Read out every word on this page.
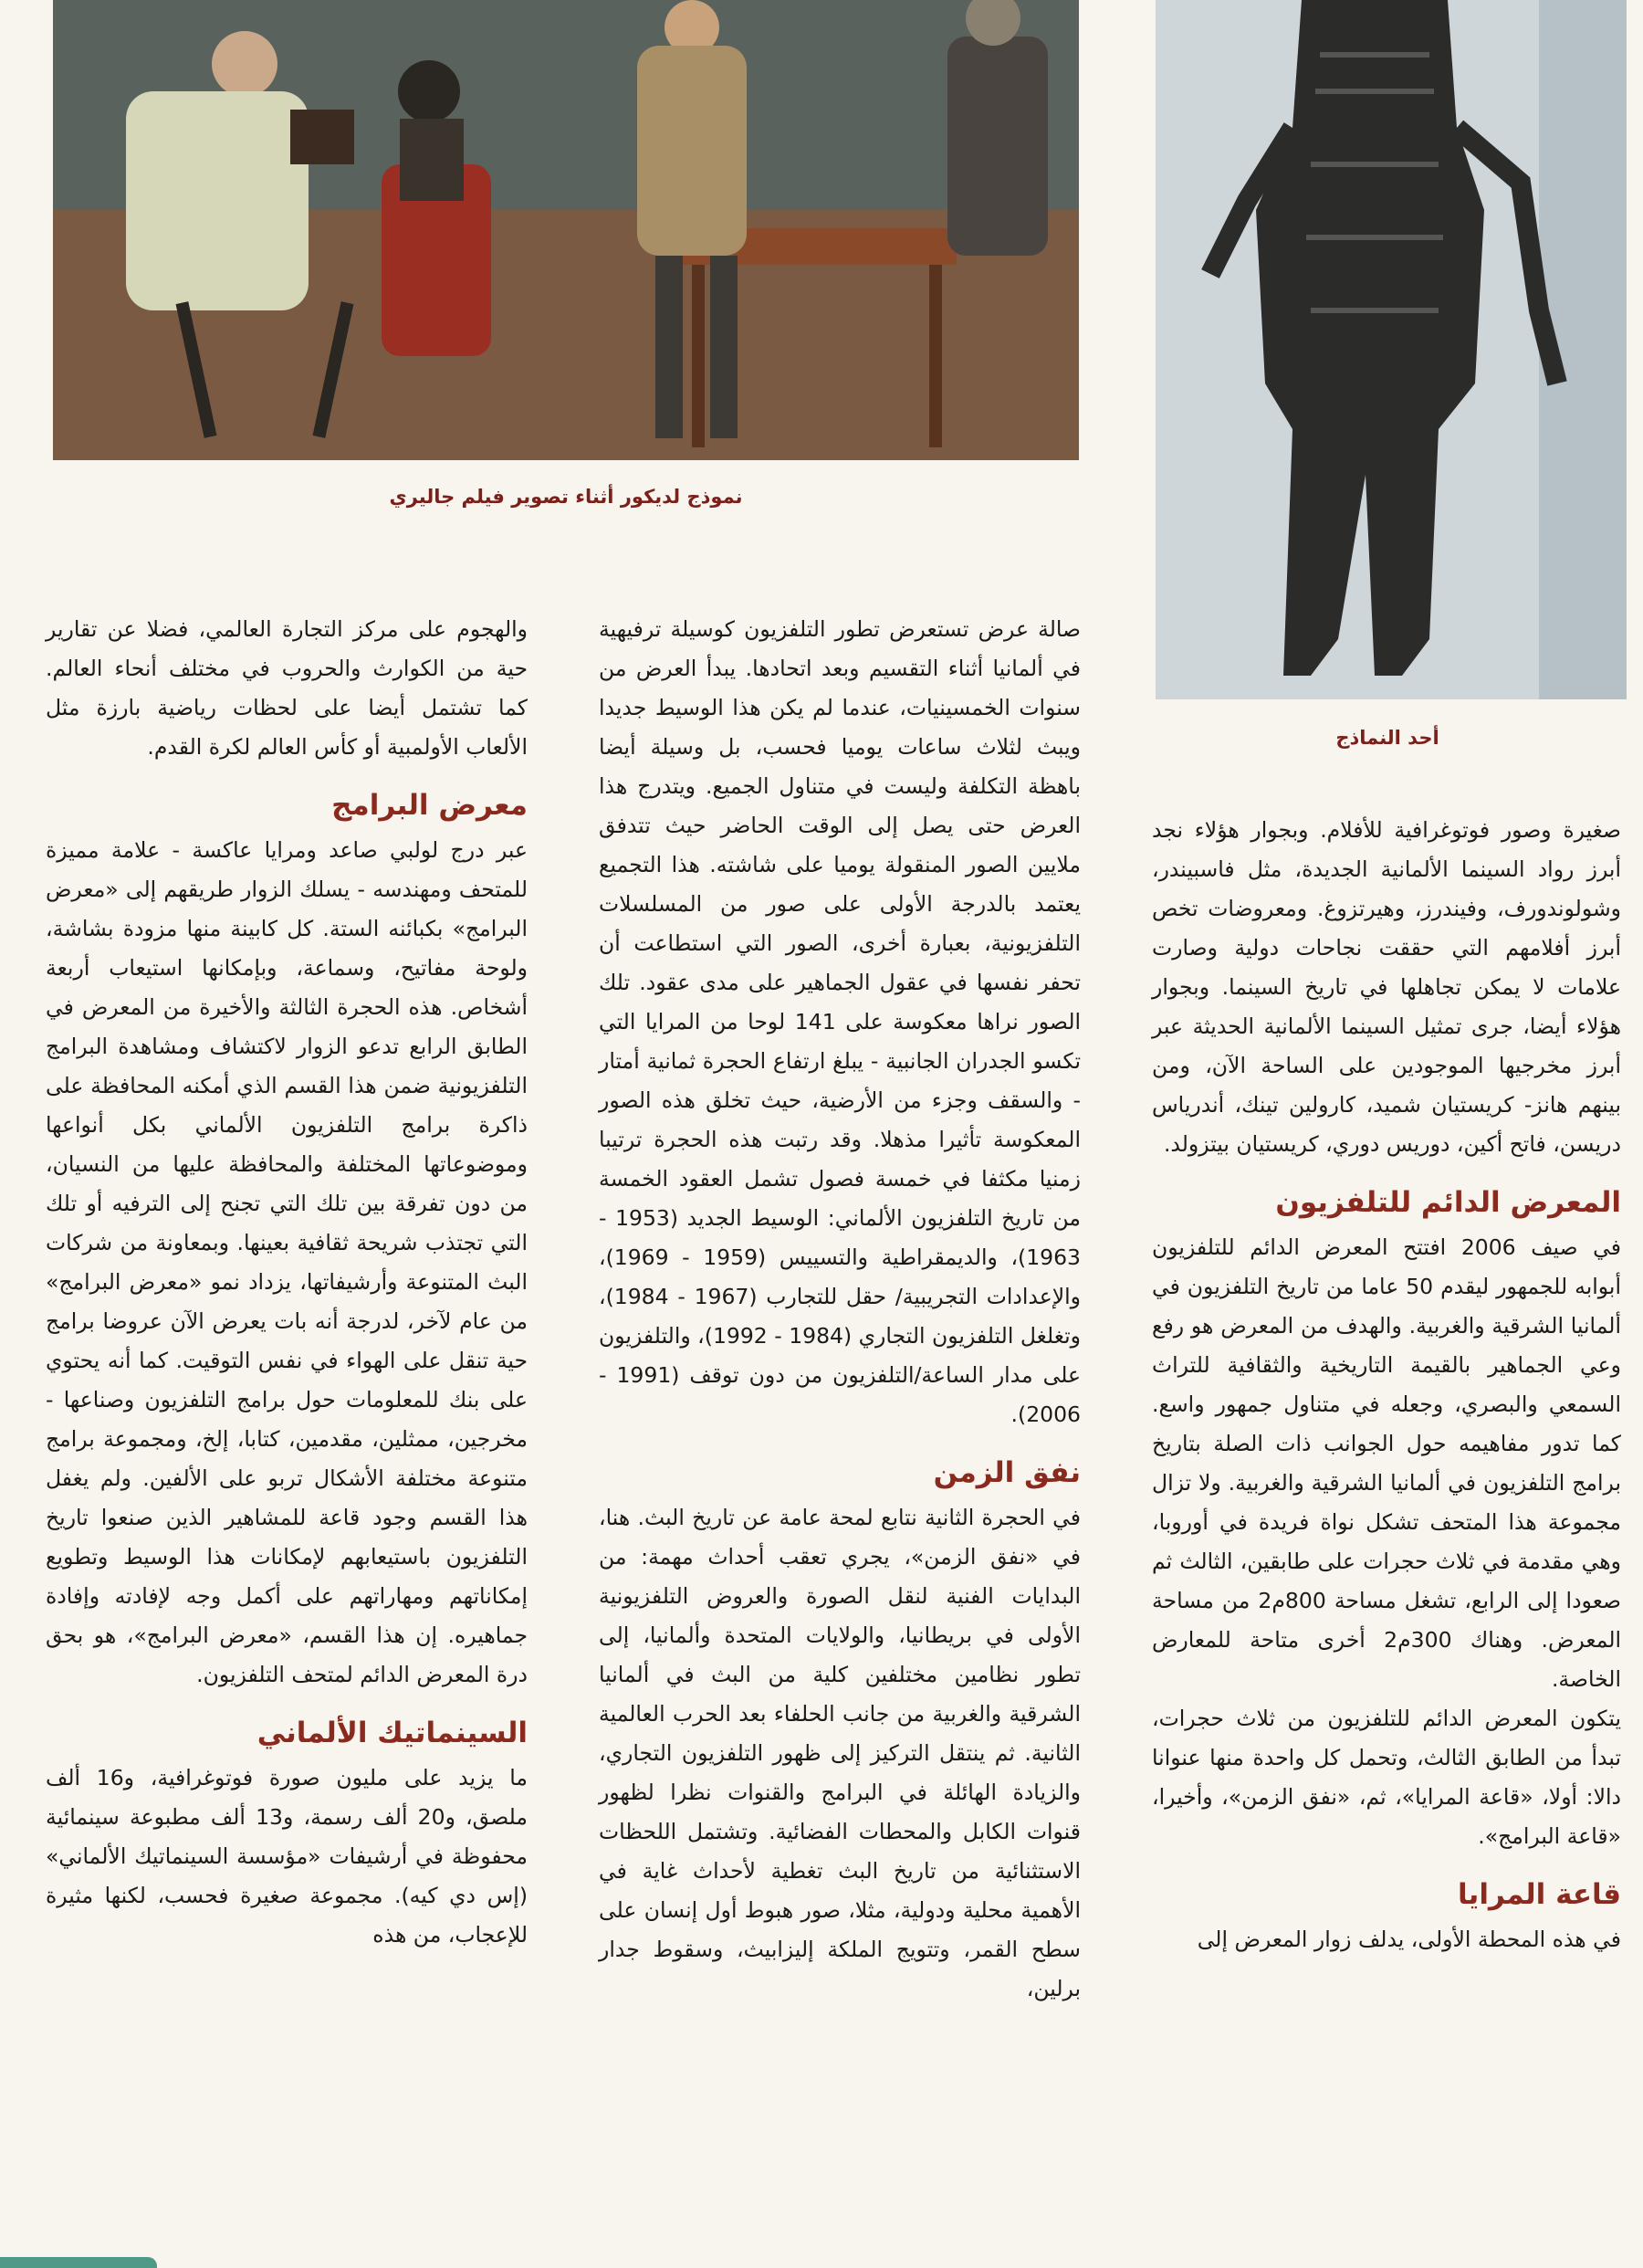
نموذج لديكور أثناء تصوير فيلم جاليري
أحد النماذج

صغيرة وصور فوتوغرافية للأفلام. وبجوار هؤلاء نجد أبرز رواد السينما الألمانية الجديدة، مثل فاسبيندر، وشولوندورف، وفيندرز، وهيرتزوغ. ومعروضات تخص أبرز أفلامهم التي حققت نجاحات دولية وصارت علامات لا يمكن تجاهلها في تاريخ السينما. وبجوار هؤلاء أيضا، جرى تمثيل السينما الألمانية الحديثة عبر أبرز مخرجيها الموجودين على الساحة الآن، ومن بينهم هانز- كريستيان شميد، كارولين تينك، أندرياس دريسن، فاتح أكين، دوريس دوري، كريستيان بيتزولد.

المعرض الدائم للتلفزيون

في صيف 2006 افتتح المعرض الدائم للتلفزيون أبوابه للجمهور ليقدم 50 عاما من تاريخ التلفزيون في ألمانيا الشرقية والغربية. والهدف من المعرض هو رفع وعي الجماهير بالقيمة التاريخية والثقافية للتراث السمعي والبصري، وجعله في متناول جمهور واسع. كما تدور مفاهيمه حول الجوانب ذات الصلة بتاريخ برامج التلفزيون في ألمانيا الشرقية والغربية. ولا تزال مجموعة هذا المتحف تشكل نواة فريدة في أوروبا، وهي مقدمة في ثلاث حجرات على طابقين، الثالث ثم صعودا إلى الرابع، تشغل مساحة 800م2 من مساحة المعرض. وهناك 300م2 أخرى متاحة للمعارض الخاصة.

يتكون المعرض الدائم للتلفزيون من ثلاث حجرات، تبدأ من الطابق الثالث، وتحمل كل واحدة منها عنوانا دالا: أولا، «قاعة المرايا»، ثم، «نفق الزمن»، وأخيرا، «قاعة البرامج».

قاعة المرايا

في هذه المحطة الأولى، يدلف زوار المعرض إلى

صالة عرض تستعرض تطور التلفزيون كوسيلة ترفيهية في ألمانيا أثناء التقسيم وبعد اتحادها. يبدأ العرض من سنوات الخمسينيات، عندما لم يكن هذا الوسيط جديدا ويبث لثلاث ساعات يوميا فحسب، بل وسيلة أيضا باهظة التكلفة وليست في متناول الجميع. ويتدرج هذا العرض حتى يصل إلى الوقت الحاضر حيث تتدفق ملايين الصور المنقولة يوميا على شاشته. هذا التجميع يعتمد بالدرجة الأولى على صور من المسلسلات التلفزيونية، بعبارة أخرى، الصور التي استطاعت أن تحفر نفسها في عقول الجماهير على مدى عقود. تلك الصور نراها معكوسة على 141 لوحا من المرايا التي تكسو الجدران الجانبية - يبلغ ارتفاع الحجرة ثمانية أمتار - والسقف وجزء من الأرضية، حيث تخلق هذه الصور المعكوسة تأثيرا مذهلا. وقد رتبت هذه الحجرة ترتيبا زمنيا مكثفا في خمسة فصول تشمل العقود الخمسة من تاريخ التلفزيون الألماني: الوسيط الجديد (1953 - 1963)، والديمقراطية والتسييس (1959 - 1969)، والإعدادات التجريبية/ حقل للتجارب (1967 - 1984)، وتغلغل التلفزيون التجاري (1984 - 1992)، والتلفزيون على مدار الساعة/التلفزيون من دون توقف (1991 - 2006).

نفق الزمن

في الحجرة الثانية نتابع لمحة عامة عن تاريخ البث. هنا، في «نفق الزمن»، يجري تعقب أحداث مهمة: من البدايات الفنية لنقل الصورة والعروض التلفزيونية الأولى في بريطانيا، والولايات المتحدة وألمانيا، إلى تطور نظامين مختلفين كلية من البث في ألمانيا الشرقية والغربية من جانب الحلفاء بعد الحرب العالمية الثانية. ثم ينتقل التركيز إلى ظهور التلفزيون التجاري، والزيادة الهائلة في البرامج والقنوات نظرا لظهور قنوات الكابل والمحطات الفضائية. وتشتمل اللحظات الاستثنائية من تاريخ البث تغطية لأحداث غاية في الأهمية محلية ودولية، مثلا، صور هبوط أول إنسان على سطح القمر، وتتويج الملكة إليزابيث، وسقوط جدار برلين،

والهجوم على مركز التجارة العالمي، فضلا عن تقارير حية من الكوارث والحروب في مختلف أنحاء العالم. كما تشتمل أيضا على لحظات رياضية بارزة مثل الألعاب الأولمبية أو كأس العالم لكرة القدم.

معرض البرامج

عبر درج لولبي صاعد ومرايا عاكسة - علامة مميزة للمتحف ومهندسه - يسلك الزوار طريقهم إلى «معرض البرامج» بكبائنه الستة. كل كابينة منها مزودة بشاشة، ولوحة مفاتيح، وسماعة، وبإمكانها استيعاب أربعة أشخاص. هذه الحجرة الثالثة والأخيرة من المعرض في الطابق الرابع تدعو الزوار لاكتشاف ومشاهدة البرامج التلفزيونية ضمن هذا القسم الذي أمكنه المحافظة على ذاكرة برامج التلفزيون الألماني بكل أنواعها وموضوعاتها المختلفة والمحافظة عليها من النسيان، من دون تفرقة بين تلك التي تجنح إلى الترفيه أو تلك التي تجتذب شريحة ثقافية بعينها. وبمعاونة من شركات البث المتنوعة وأرشيفاتها، يزداد نمو «معرض البرامج» من عام لآخر، لدرجة أنه بات يعرض الآن عروضا برامج حية تنقل على الهواء في نفس التوقيت. كما أنه يحتوي على بنك للمعلومات حول برامج التلفزيون وصناعها - مخرجين، ممثلين، مقدمين، كتابا، إلخ، ومجموعة برامج متنوعة مختلفة الأشكال تربو على الألفين. ولم يغفل هذا القسم وجود قاعة للمشاهير الذين صنعوا تاريخ التلفزيون باستيعابهم لإمكانات هذا الوسيط وتطويع إمكاناتهم ومهاراتهم على أكمل وجه لإفادته وإفادة جماهيره. إن هذا القسم، «معرض البرامج»، هو بحق درة المعرض الدائم لمتحف التلفزيون.

السينماتيك الألماني

ما يزيد على مليون صورة فوتوغرافية، و16 ألف ملصق، و20 ألف رسمة، و13 ألف مطبوعة سينمائية محفوظة في أرشيفات «مؤسسة السينماتيك الألماني» (إس دي كيه). مجموعة صغيرة فحسب، لكنها مثيرة للإعجاب، من هذه
